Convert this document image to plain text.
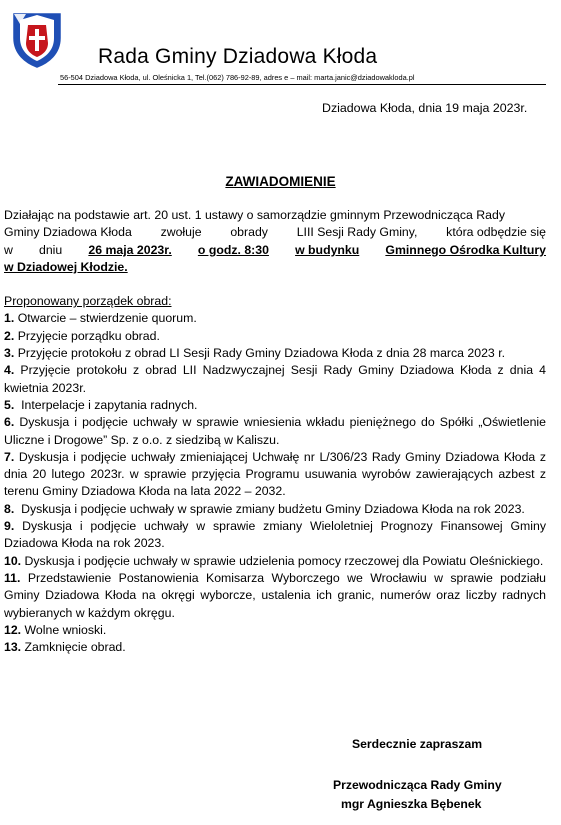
Rada Gminy Dziadowa Kłoda
56-504 Dziadowa Kłoda, ul. Oleśnicka 1, Tel.(062) 786-92-89, adres e – mail: marta.janic@dziadowakloda.pl
Dziadowa Kłoda, dnia 19 maja 2023r.
ZAWIADOMIENIE
Działając na podstawie art. 20 ust. 1 ustawy o samorządzie gminnym Przewodnicząca Rady
Gminy Dziadowa Kłoda zwołuje obrady LIII Sesji Rady Gminy, która odbędzie się
w dniu 26 maja 2023r. o godz. 8:30 w budynku Gminnego Ośrodka Kultury
w Dziadowej Kłodzie.
Proponowany porządek obrad:
1. Otwarcie – stwierdzenie quorum.
2. Przyjęcie porządku obrad.
3. Przyjęcie protokołu z obrad LI Sesji Rady Gminy Dziadowa Kłoda z dnia 28 marca 2023 r.
4. Przyjęcie protokołu z obrad LII Nadzwyczajnej Sesji Rady Gminy Dziadowa Kłoda z dnia 4 kwietnia 2023r.
5. Interpelacje i zapytania radnych.
6. Dyskusja i podjęcie uchwały w sprawie wniesienia wkładu pieniężnego do Spółki „Oświetlenie Uliczne i Drogowe” Sp. z o.o. z siedzibą w Kaliszu.
7. Dyskusja i podjęcie uchwały zmieniającej Uchwałę nr L/306/23 Rady Gminy Dziadowa Kłoda z dnia 20 lutego 2023r. w sprawie przyjęcia Programu usuwania wyrobów zawierających azbest z terenu Gminy Dziadowa Kłoda na lata 2022 – 2032.
8. Dyskusja i podjęcie uchwały w sprawie zmiany budżetu Gminy Dziadowa Kłoda na rok 2023.
9. Dyskusja i podjęcie uchwały w sprawie zmiany Wieloletniej Prognozy Finansowej Gminy Dziadowa Kłoda na rok 2023.
10. Dyskusja i podjęcie uchwały w sprawie udzielenia pomocy rzeczowej dla Powiatu Oleśnickiego.
11. Przedstawienie Postanowienia Komisarza Wyborczego we Wrocławiu w sprawie podziału Gminy Dziadowa Kłoda na okręgi wyborcze, ustalenia ich granic, numerów oraz liczby radnych wybieranych w każdym okręgu.
12. Wolne wnioski.
13. Zamknięcie obrad.
Serdecznie zapraszam
Przewodnicząca Rady Gminy
mgr Agnieszka Bębenek
